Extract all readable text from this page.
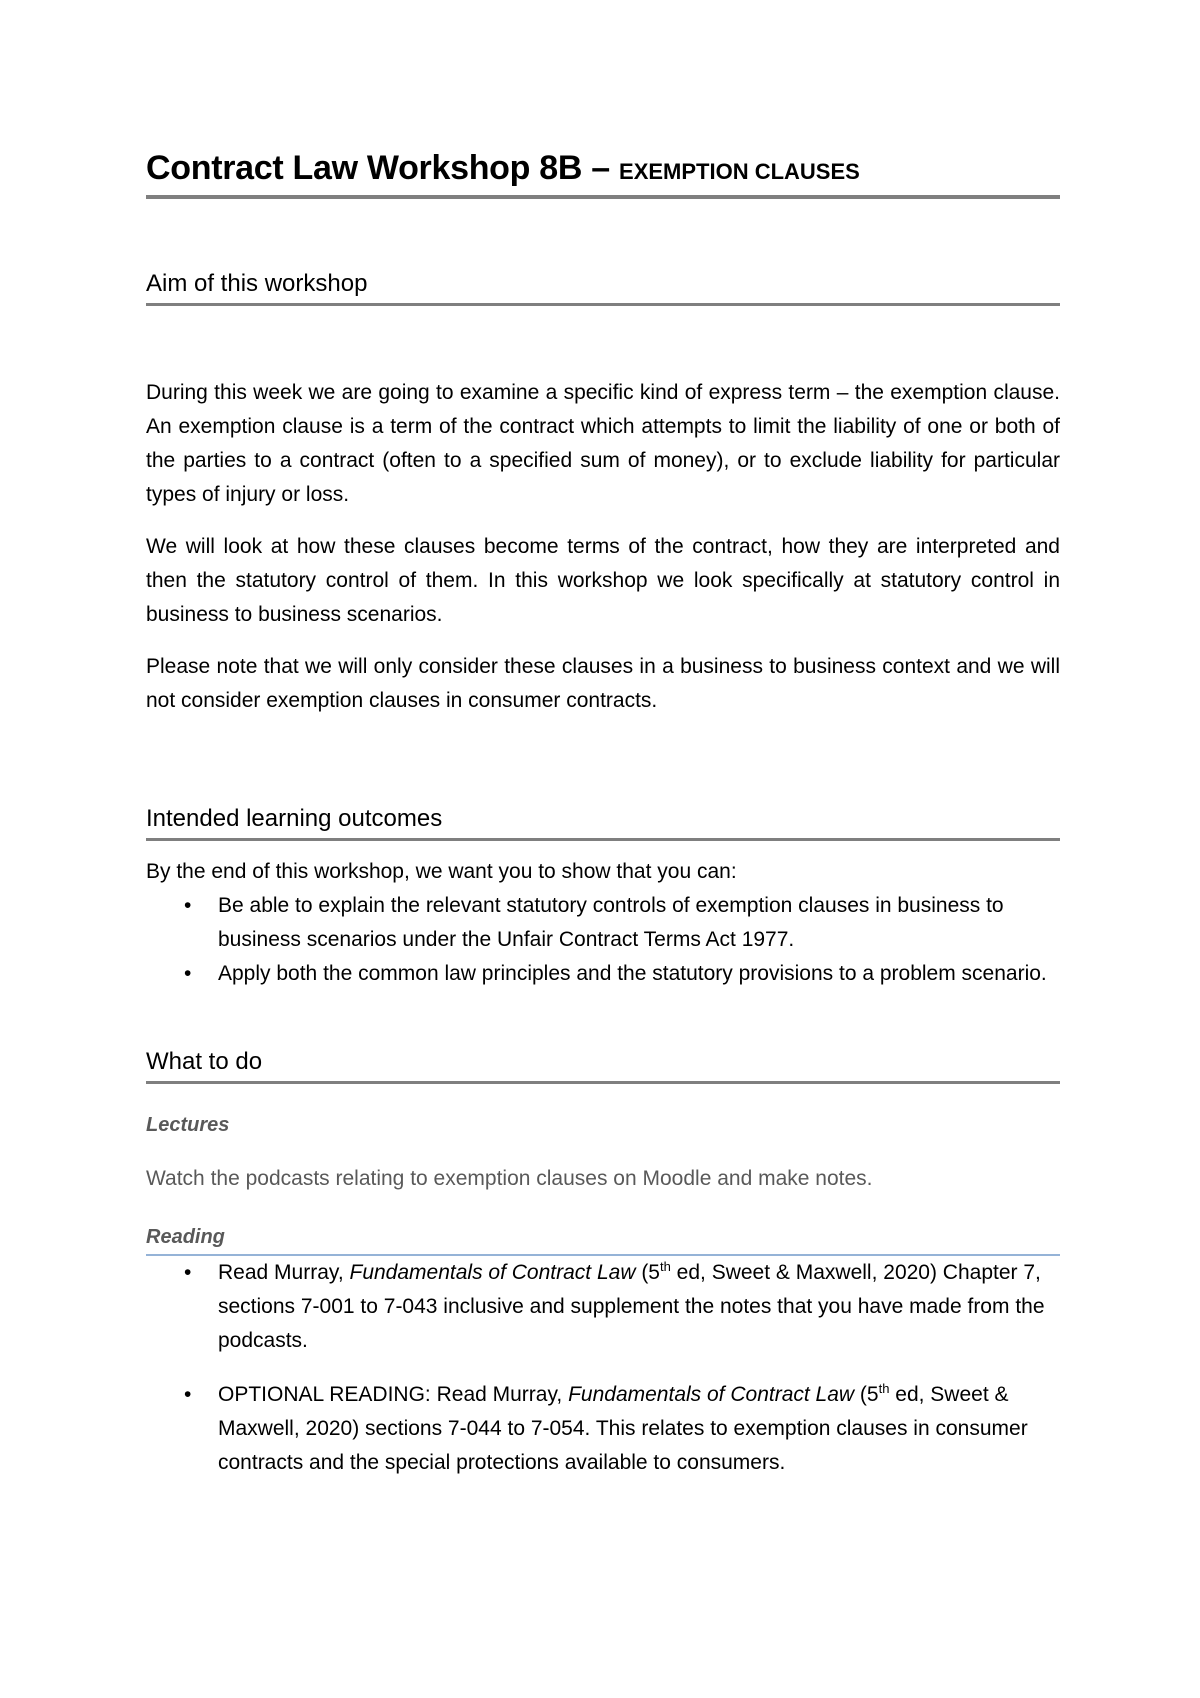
Contract Law Workshop 8B – EXEMPTION CLAUSES
Aim of this workshop

During this week we are going to examine a specific kind of express term – the exemption clause. An exemption clause is a term of the contract which attempts to limit the liability of one or both of the parties to a contract (often to a specified sum of money), or to exclude liability for particular types of injury or loss.

We will look at how these clauses become terms of the contract, how they are interpreted and then the statutory control of them. In this workshop we look specifically at statutory control in business to business scenarios.

Please note that we will only consider these clauses in a business to business context and we will not consider exemption clauses in consumer contracts.

Intended learning outcomes

By the end of this workshop, we want you to show that you can:

• Be able to explain the relevant statutory controls of exemption clauses in business to business scenarios under the Unfair Contract Terms Act 1977.
• Apply both the common law principles and the statutory provisions to a problem scenario.
What to do
Lectures

Watch the podcasts relating to exemption clauses on Moodle and make notes.

Reading
• Read Murray, Fundamentals of Contract Law (5th ed, Sweet & Maxwell, 2020) Chapter 7, sections 7-001 to 7-043 inclusive and supplement the notes that you have made from the podcasts.
• OPTIONAL READING: Read Murray, Fundamentals of Contract Law (5th ed, Sweet & Maxwell, 2020) sections 7-044 to 7-054. This relates to exemption clauses in consumer contracts and the special protections available to consumers.
